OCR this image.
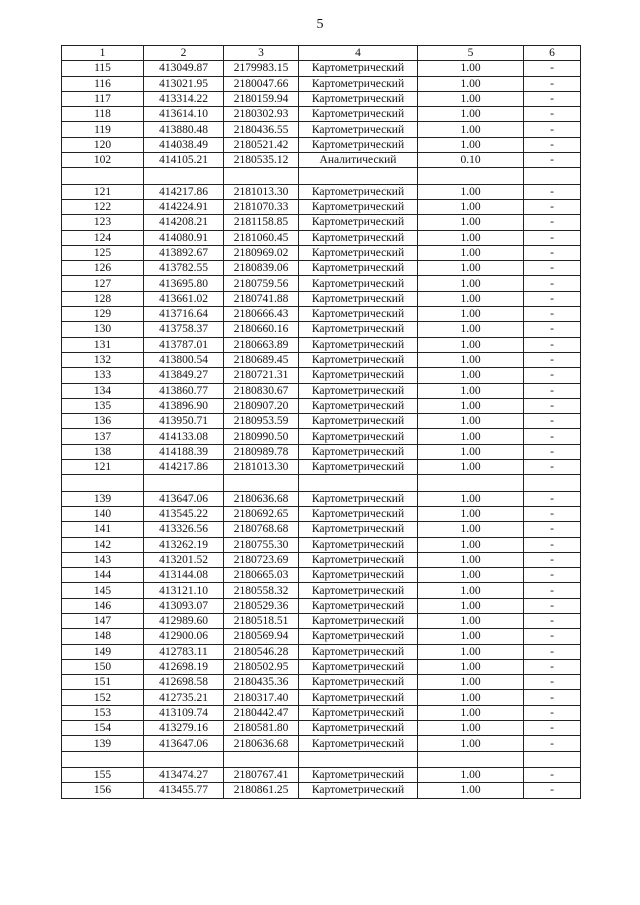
5
1	2	3	4	5	6
115	413049.87	2179983.15	Картометрический	1.00	-
116	413021.95	2180047.66	Картометрический	1.00	-
117	413314.22	2180159.94	Картометрический	1.00	-
118	413614.10	2180302.93	Картометрический	1.00	-
119	413880.48	2180436.55	Картометрический	1.00	-
120	414038.49	2180521.42	Картометрический	1.00	-
102	414105.21	2180535.12	Аналитический	0.10	-

121	414217.86	2181013.30	Картометрический	1.00	-
122	414224.91	2181070.33	Картометрический	1.00	-
123	414208.21	2181158.85	Картометрический	1.00	-
124	414080.91	2181060.45	Картометрический	1.00	-
125	413892.67	2180969.02	Картометрический	1.00	-
126	413782.55	2180839.06	Картометрический	1.00	-
127	413695.80	2180759.56	Картометрический	1.00	-
128	413661.02	2180741.88	Картометрический	1.00	-
129	413716.64	2180666.43	Картометрический	1.00	-
130	413758.37	2180660.16	Картометрический	1.00	-
131	413787.01	2180663.89	Картометрический	1.00	-
132	413800.54	2180689.45	Картометрический	1.00	-
133	413849.27	2180721.31	Картометрический	1.00	-
134	413860.77	2180830.67	Картометрический	1.00	-
135	413896.90	2180907.20	Картометрический	1.00	-
136	413950.71	2180953.59	Картометрический	1.00	-
137	414133.08	2180990.50	Картометрический	1.00	-
138	414188.39	2180989.78	Картометрический	1.00	-
121	414217.86	2181013.30	Картометрический	1.00	-

139	413647.06	2180636.68	Картометрический	1.00	-
140	413545.22	2180692.65	Картометрический	1.00	-
141	413326.56	2180768.68	Картометрический	1.00	-
142	413262.19	2180755.30	Картометрический	1.00	-
143	413201.52	2180723.69	Картометрический	1.00	-
144	413144.08	2180665.03	Картометрический	1.00	-
145	413121.10	2180558.32	Картометрический	1.00	-
146	413093.07	2180529.36	Картометрический	1.00	-
147	412989.60	2180518.51	Картометрический	1.00	-
148	412900.06	2180569.94	Картометрический	1.00	-
149	412783.11	2180546.28	Картометрический	1.00	-
150	412698.19	2180502.95	Картометрический	1.00	-
151	412698.58	2180435.36	Картометрический	1.00	-
152	412735.21	2180317.40	Картометрический	1.00	-
153	413109.74	2180442.47	Картометрический	1.00	-
154	413279.16	2180581.80	Картометрический	1.00	-
139	413647.06	2180636.68	Картометрический	1.00	-

155	413474.27	2180767.41	Картометрический	1.00	-
156	413455.77	2180861.25	Картометрический	1.00	-
